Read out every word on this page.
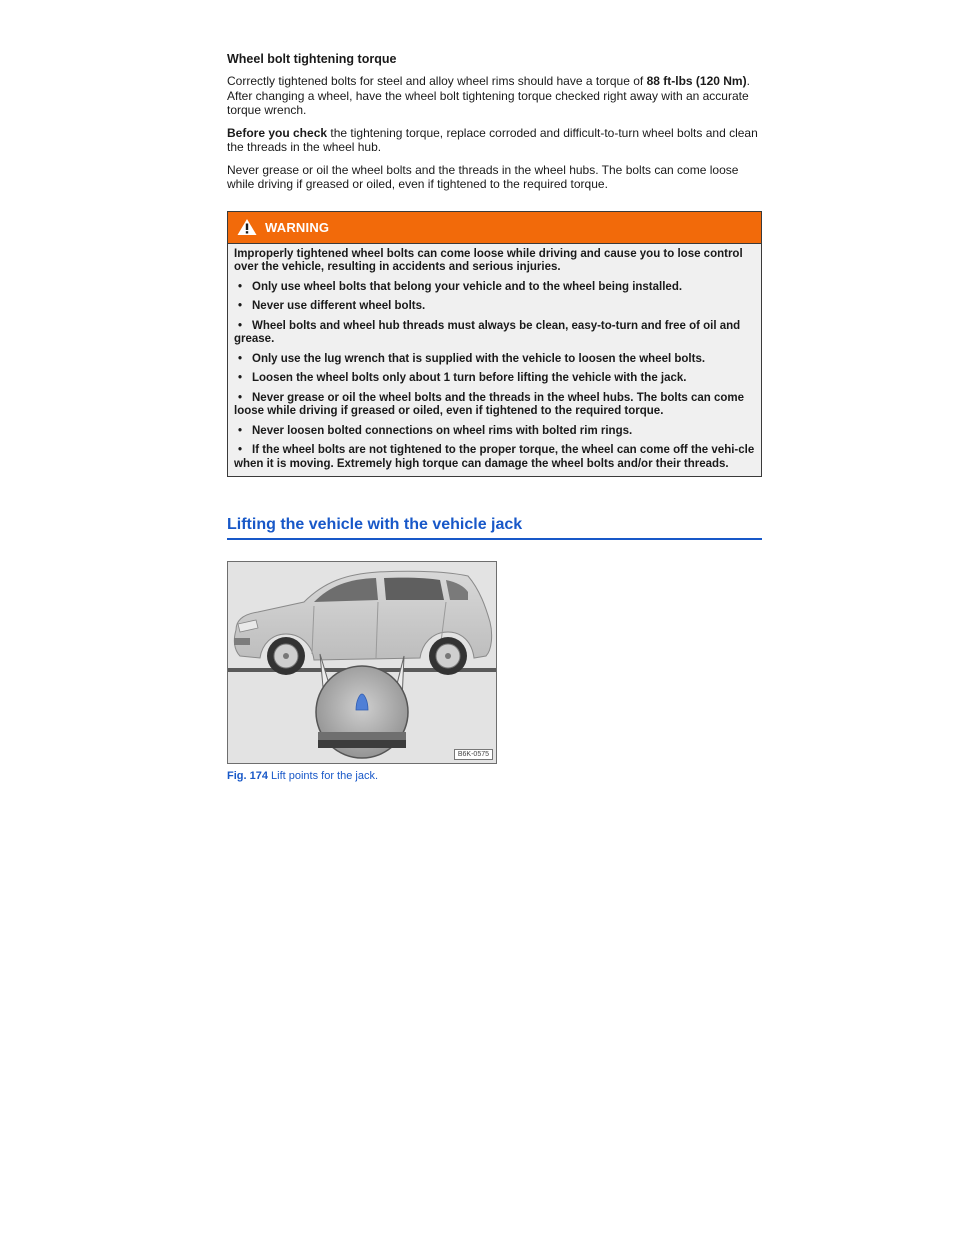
Wheel bolt tightening torque

Correctly tightened bolts for steel and alloy wheel rims should have a torque of 88 ft-lbs (120 Nm). After changing a wheel, have the wheel bolt tightening torque checked right away with an accurate torque wrench.

Before you check the tightening torque, replace corroded and difficult-to-turn wheel bolts and clean the threads in the wheel hub.

Never grease or oil the wheel bolts and the threads in the wheel hubs. The bolts can come loose while driving if greased or oiled, even if tightened to the required torque.

WARNING

Improperly tightened wheel bolts can come loose while driving and cause you to lose control over the vehicle, resulting in accidents and serious injuries.

• Only use wheel bolts that belong your vehicle and to the wheel being installed.
• Never use different wheel bolts.
• Wheel bolts and wheel hub threads must always be clean, easy-to-turn and free of oil and grease.
• Only use the lug wrench that is supplied with the vehicle to loosen the wheel bolts.
• Loosen the wheel bolts only about 1 turn before lifting the vehicle with the jack.
• Never grease or oil the wheel bolts and the threads in the wheel hubs. The bolts can come loose while driving if greased or oiled, even if tightened to the required torque.
• Never loosen bolted connections on wheel rims with bolted rim rings.
• If the wheel bolts are not tightened to the proper torque, the wheel can come off the vehi-cle when it is moving. Extremely high torque can damage the wheel bolts and/or their threads.
Lifting the vehicle with the vehicle jack
B6K-0575
Fig. 174 Lift points for the jack.
